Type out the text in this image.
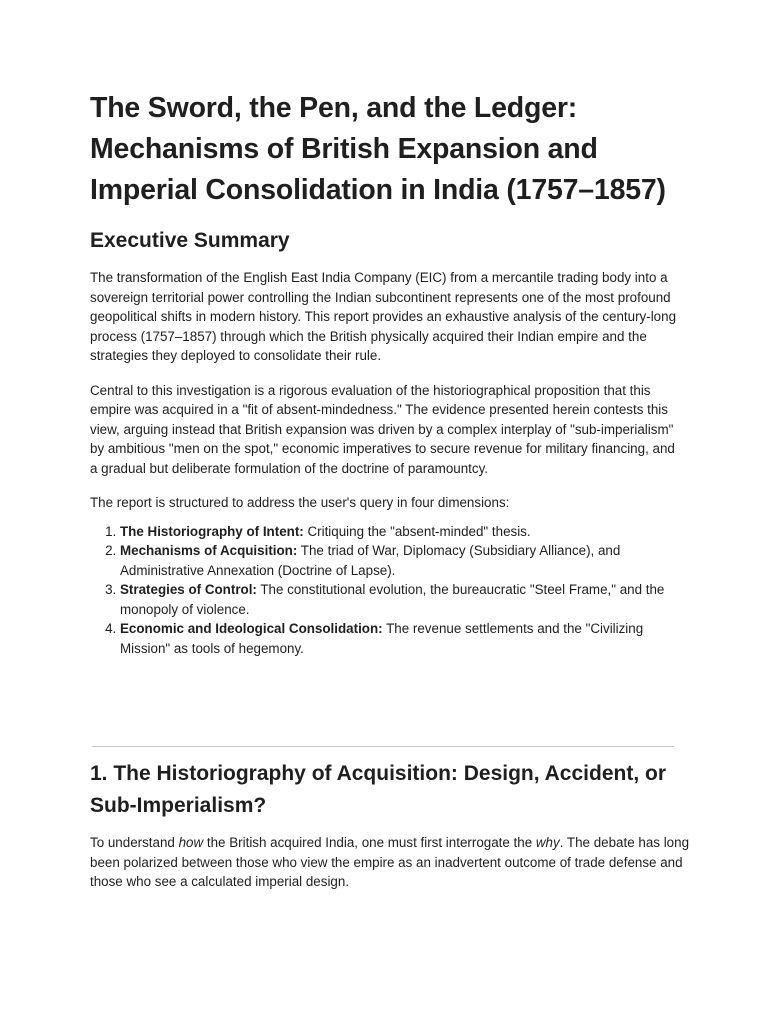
The Sword, the Pen, and the Ledger: Mechanisms of British Expansion and Imperial Consolidation in India (1757–1857)
Executive Summary

The transformation of the English East India Company (EIC) from a mercantile trading body into a sovereign territorial power controlling the Indian subcontinent represents one of the most profound geopolitical shifts in modern history. This report provides an exhaustive analysis of the century-long process (1757–1857) through which the British physically acquired their Indian empire and the strategies they deployed to consolidate their rule.

Central to this investigation is a rigorous evaluation of the historiographical proposition that this empire was acquired in a "fit of absent-mindedness." The evidence presented herein contests this view, arguing instead that British expansion was driven by a complex interplay of "sub-imperialism" by ambitious "men on the spot," economic imperatives to secure revenue for military financing, and a gradual but deliberate formulation of the doctrine of paramountcy.

The report is structured to address the user's query in four dimensions:

1. The Historiography of Intent: Critiquing the "absent-minded" thesis.
2. Mechanisms of Acquisition: The triad of War, Diplomacy (Subsidiary Alliance), and Administrative Annexation (Doctrine of Lapse).
3. Strategies of Control: The constitutional evolution, the bureaucratic "Steel Frame," and the monopoly of violence.
4. Economic and Ideological Consolidation: The revenue settlements and the "Civilizing Mission" as tools of hegemony.
1. The Historiography of Acquisition: Design, Accident, or Sub-Imperialism?

To understand how the British acquired India, one must first interrogate the why. The debate has long been polarized between those who view the empire as an inadvertent outcome of trade defense and those who see a calculated imperial design.
